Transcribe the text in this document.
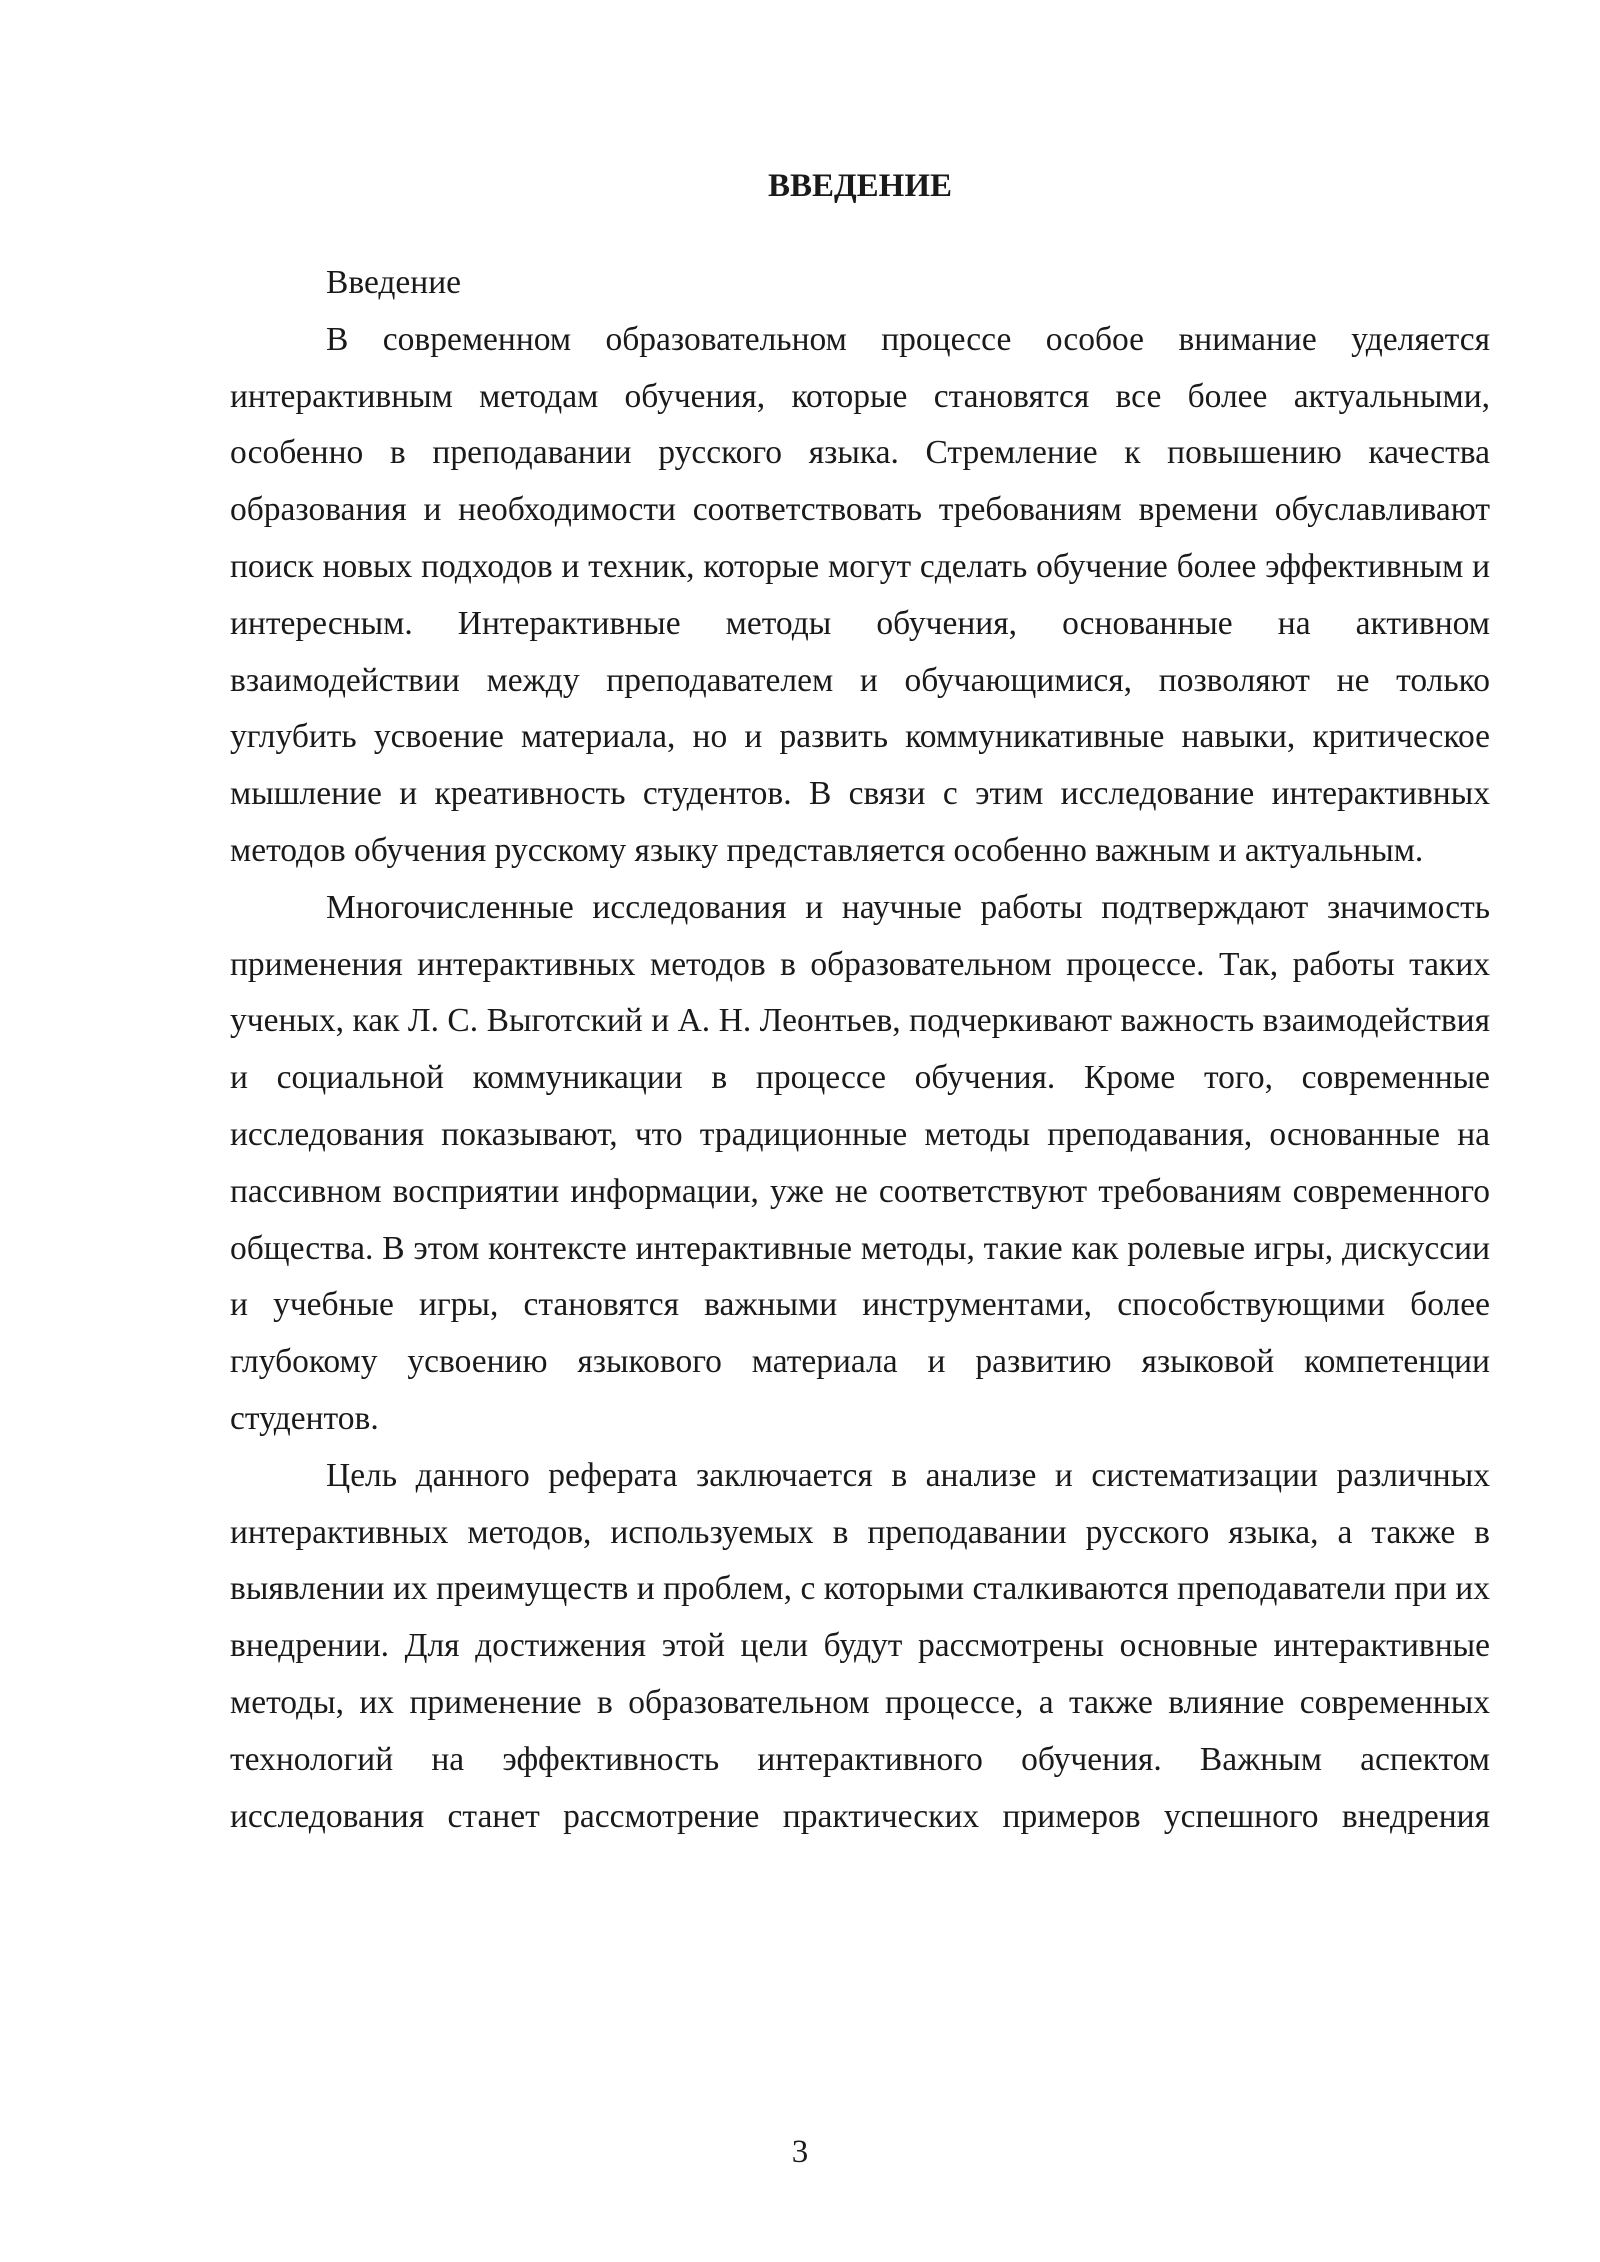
ВВЕДЕНИЕ

Введение

В современном образовательном процессе особое внимание уделяется интерактивным методам обучения, которые становятся все более актуальными, особенно в преподавании русского языка. Стремление к повышению качества образования и необходимости соответствовать требованиям времени обуславливают поиск новых подходов и техник, которые могут сделать обучение более эффективным и интересным. Интерактивные методы обучения, основанные на активном взаимодействии между преподавателем и обучающимися, позволяют не только углубить усвоение материала, но и развить коммуникативные навыки, критическое мышление и креативность студентов. В связи с этим исследование интерактивных методов обучения русскому языку представляется особенно важным и актуальным.

Многочисленные исследования и научные работы подтверждают значимость применения интерактивных методов в образовательном процессе. Так, работы таких ученых, как Л. С. Выготский и А. Н. Леонтьев, подчеркивают важность взаимодействия и социальной коммуникации в процессе обучения. Кроме того, современные исследования показывают, что традиционные методы преподавания, основанные на пассивном восприятии информации, уже не соответствуют требованиям современного общества. В этом контексте интерактивные методы, такие как ролевые игры, дискуссии и учебные игры, становятся важными инструментами, способствующими более глубокому усвоению языкового материала и развитию языковой компетенции студентов.

Цель данного реферата заключается в анализе и систематизации различных интерактивных методов, используемых в преподавании русского языка, а также в выявлении их преимуществ и проблем, с которыми сталкиваются преподаватели при их внедрении. Для достижения этой цели будут рассмотрены основные интерактивные методы, их применение в образовательном процессе, а также влияние современных технологий на эффективность интерактивного обучения. Важным аспектом исследования станет рассмотрение практических примеров успешного внедрения

3
